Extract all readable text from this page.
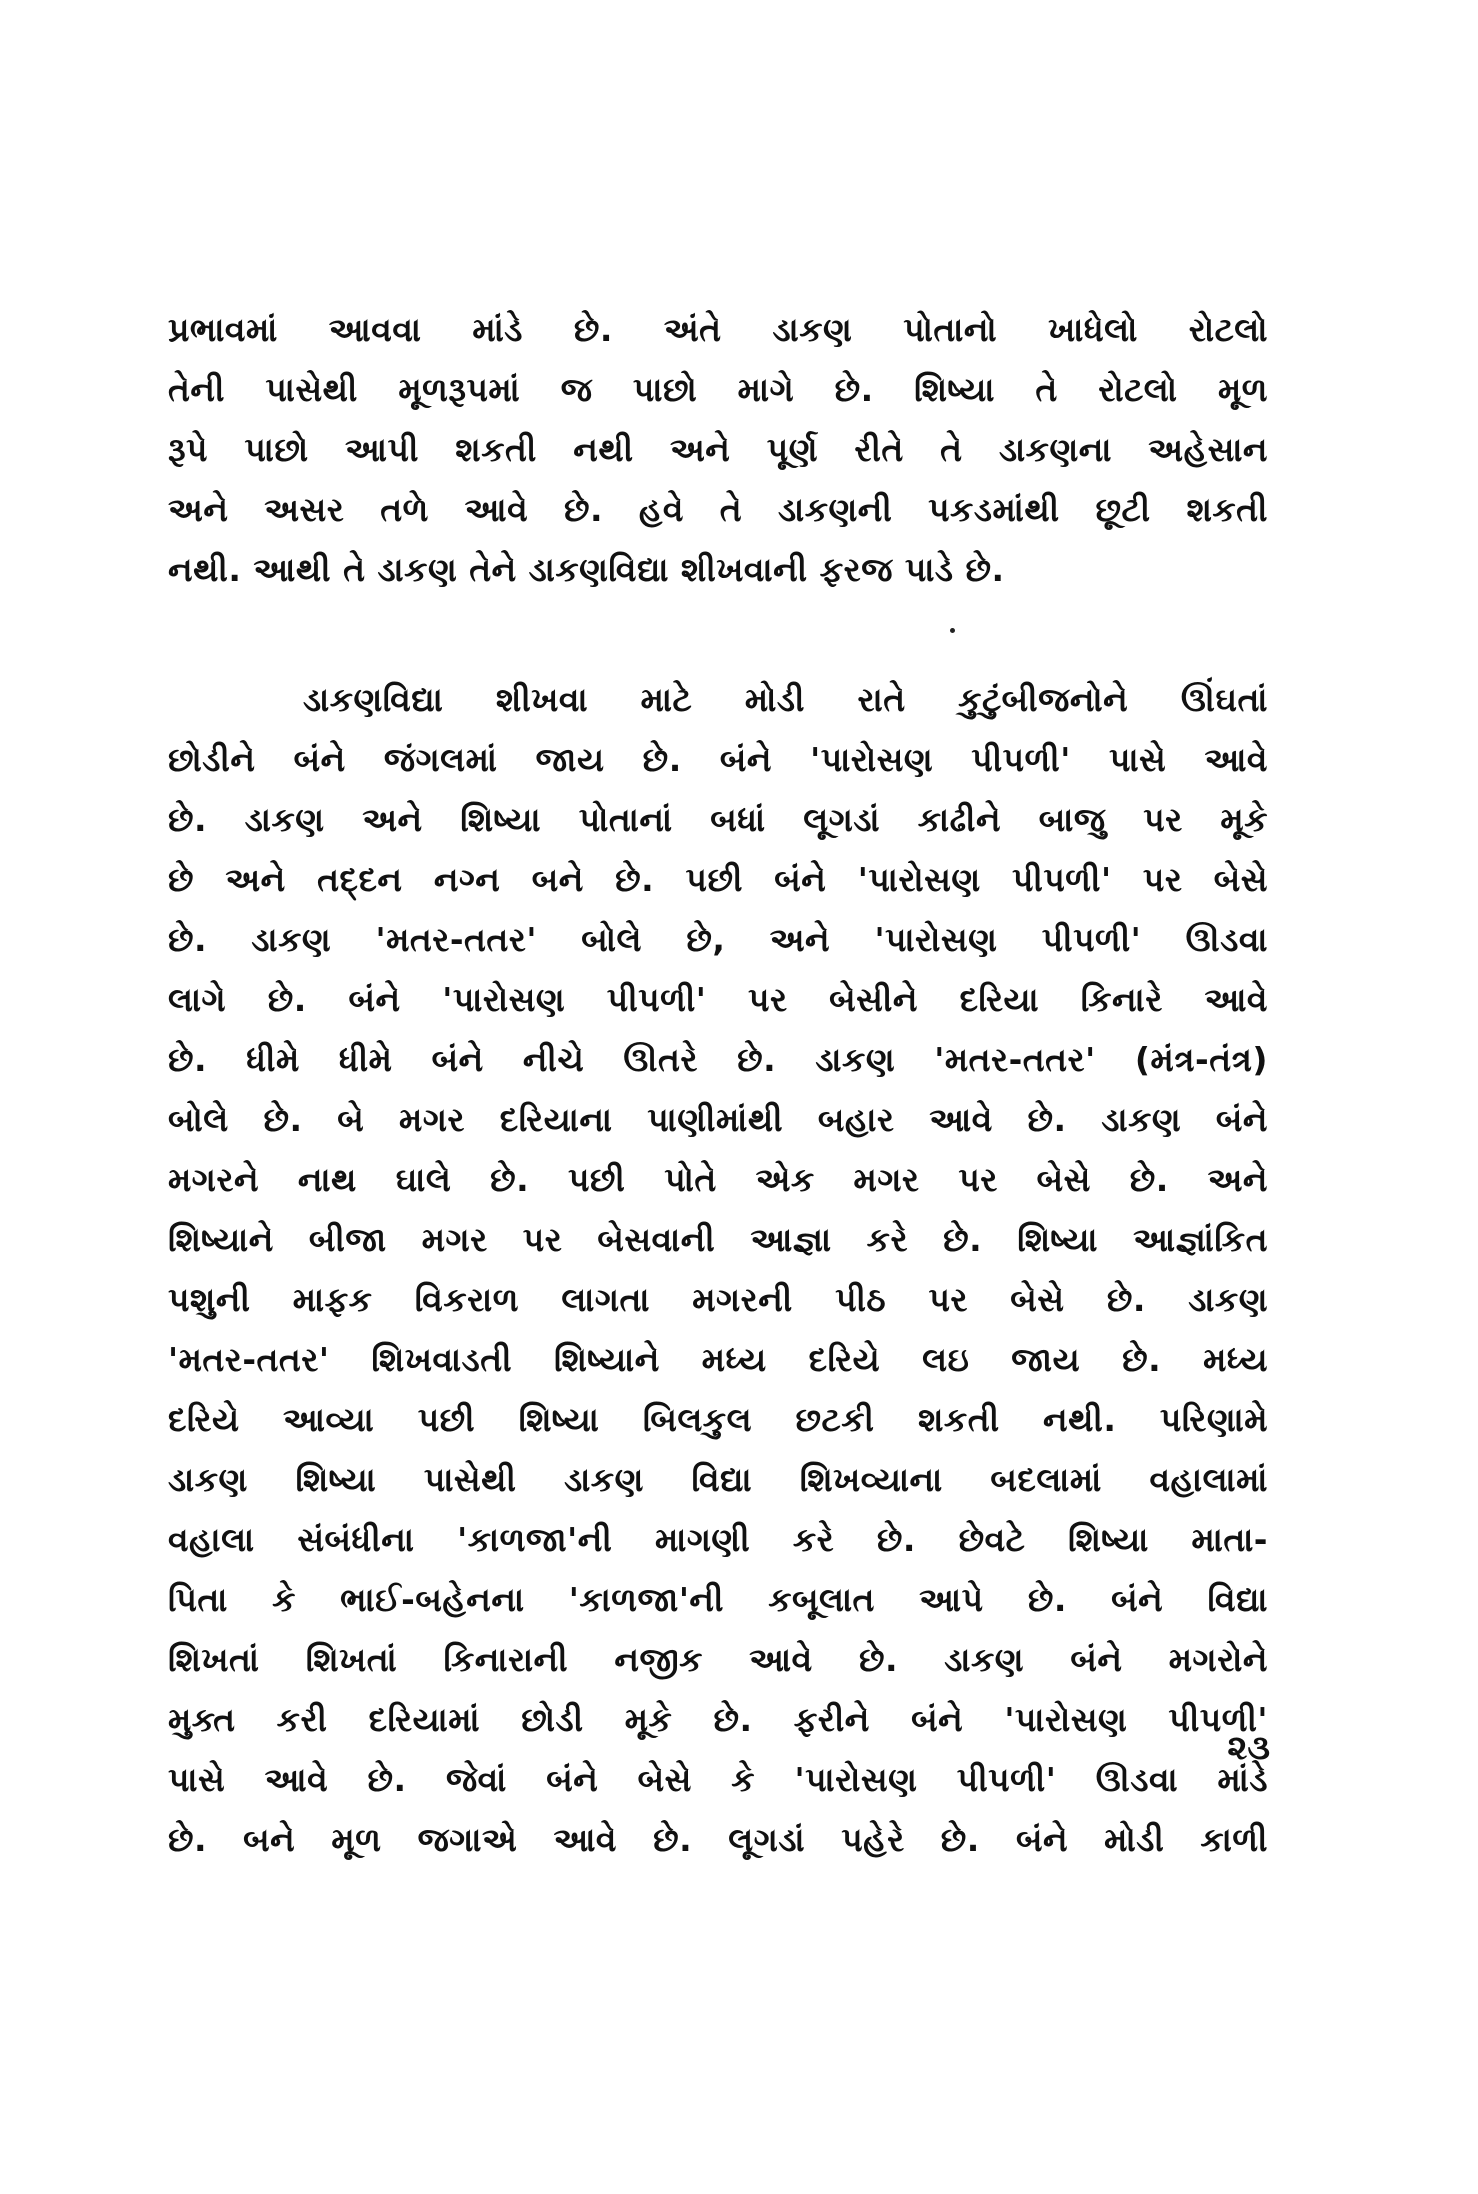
પ્રભાવમાં આવવા માંડે છે. અંતે ડાકણ પોતાનો ખાધેલો રોટલો
તેની પાસેથી મૂળરૂપમાં જ પાછો માગે છે. શિષ્યા તે રોટલો મૂળ
રૂપે પાછો આપી શકતી નથી અને પૂર્ણ રીતે તે ડાકણના અહેસાન
અને અસર તળે આવે છે. હવે તે ડાકણની પકડમાંથી છૂટી શકતી
નથી. આથી તે ડાકણ તેને ડાકણવિદ્યા શીખવાની ફરજ પાડે છે.
ડાકણવિદ્યા શીખવા માટે મોડી રાતે કુટુંબીજનોને ઊંઘતાં
છોડીને બંને જંગલમાં જાય છે. બંને 'પારોસણ પીપળી' પાસે આવે
છે. ડાકણ અને શિષ્યા પોતાનાં બધાં લૂગડાં કાઢીને બાજુ પર મૂકે
છે અને તદ્દન નગ્ન બને છે. પછી બંને 'પારોસણ પીપળી' પર બેસે
છે. ડાકણ 'મતર-તતર' બોલે છે, અને 'પારોસણ પીપળી' ઊડવા
લાગે છે. બંને 'પારોસણ પીપળી' પર બેસીને દરિયા કિનારે આવે
છે. ધીમે ધીમે બંને નીચે ઊતરે છે. ડાકણ 'મતર-તતર' (મંત્ર-તંત્ર)
બોલે છે. બે મગર દરિયાના પાણીમાંથી બહાર આવે છે. ડાકણ બંને
મગરને નાથ ઘાલે છે. પછી પોતે એક મગર પર બેસે છે. અને
શિષ્યાને બીજા મગર પર બેસવાની આજ્ઞા કરે છે. શિષ્યા આજ્ઞાંકિત
પશુની માફક વિકરાળ લાગતા મગરની પીઠ પર બેસે છે. ડાકણ
'મતર-તતર' શિખવાડતી શિષ્યાને મધ્ય દરિયે લઇ જાય છે. મધ્ય
દરિયે આવ્યા પછી શિષ્યા બિલકુલ છટકી શકતી નથી. પરિણામે
ડાકણ શિષ્યા પાસેથી ડાકણ વિદ્યા શિખવ્યાના બદલામાં વહાલામાં
વહાલા સંબંધીના 'કાળજા'ની માગણી કરે છે. છેવટે શિષ્યા માતા-
પિતા કે ભાઈ-બહેનના 'કાળજા'ની કબૂલાત આપે છે. બંને વિદ્યા
શિખતાં શિખતાં કિનારાની નજીક આવે છે. ડાકણ બંને મગરોને
મુક્ત કરી દરિયામાં છોડી મૂકે છે. ફરીને બંને 'પારોસણ પીપળી'
પાસે આવે છે. જેવાં બંને બેસે કે 'પારોસણ પીપળી' ઊડવા માંડે
છે. બને મૂળ જગાએ આવે છે. લૂગડાં પહેરે છે. બંને મોડી કાળી
૨૩
